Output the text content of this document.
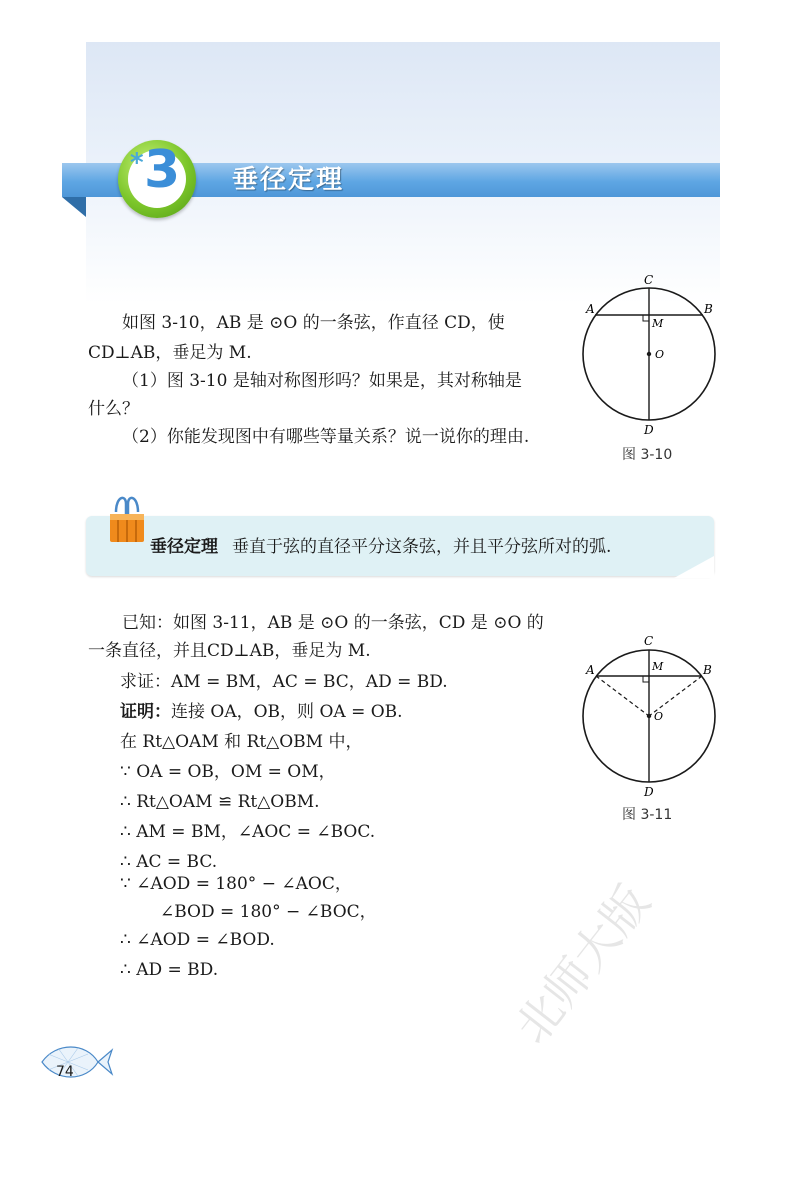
* 3 垂径定理

如图 3-10，AB 是 ⊙O 的一条弦，作直径 CD，使

CD⊥AB，垂足为 M.

（1）图 3-10 是轴对称图形吗？如果是，其对称轴是

什么？

（2）你能发现图中有哪些等量关系？说一说你的理由.

C
A	B
M
O
D
图 3-10
垂径定理 垂直于弦的直径平分这条弦，并且平分弦所对的弧.

已知：如图 3-11，AB 是 ⊙O 的一条弦，CD 是 ⊙O 的

一条直径，并且CD⊥AB，垂足为 M.	C
A	B
M
O
D
图 3-11
求证：AM = BM，AC = BC，AD = BD.
证明：连接 OA，OB，则 OA = OB.
在 Rt△OAM 和 Rt△OBM 中，
∵ OA = OB，OM = OM，
∴ Rt△OAM ≌ Rt△OBM.
∴ AM = BM，∠AOC = ∠BOC.
∴ AC = BC.
∵ ∠AOD = 180° − ∠AOC，
∠BOD = 180° − ∠BOC，
∴ ∠AOD = ∠BOD.
∴ AD = BD.
74
北师大版
